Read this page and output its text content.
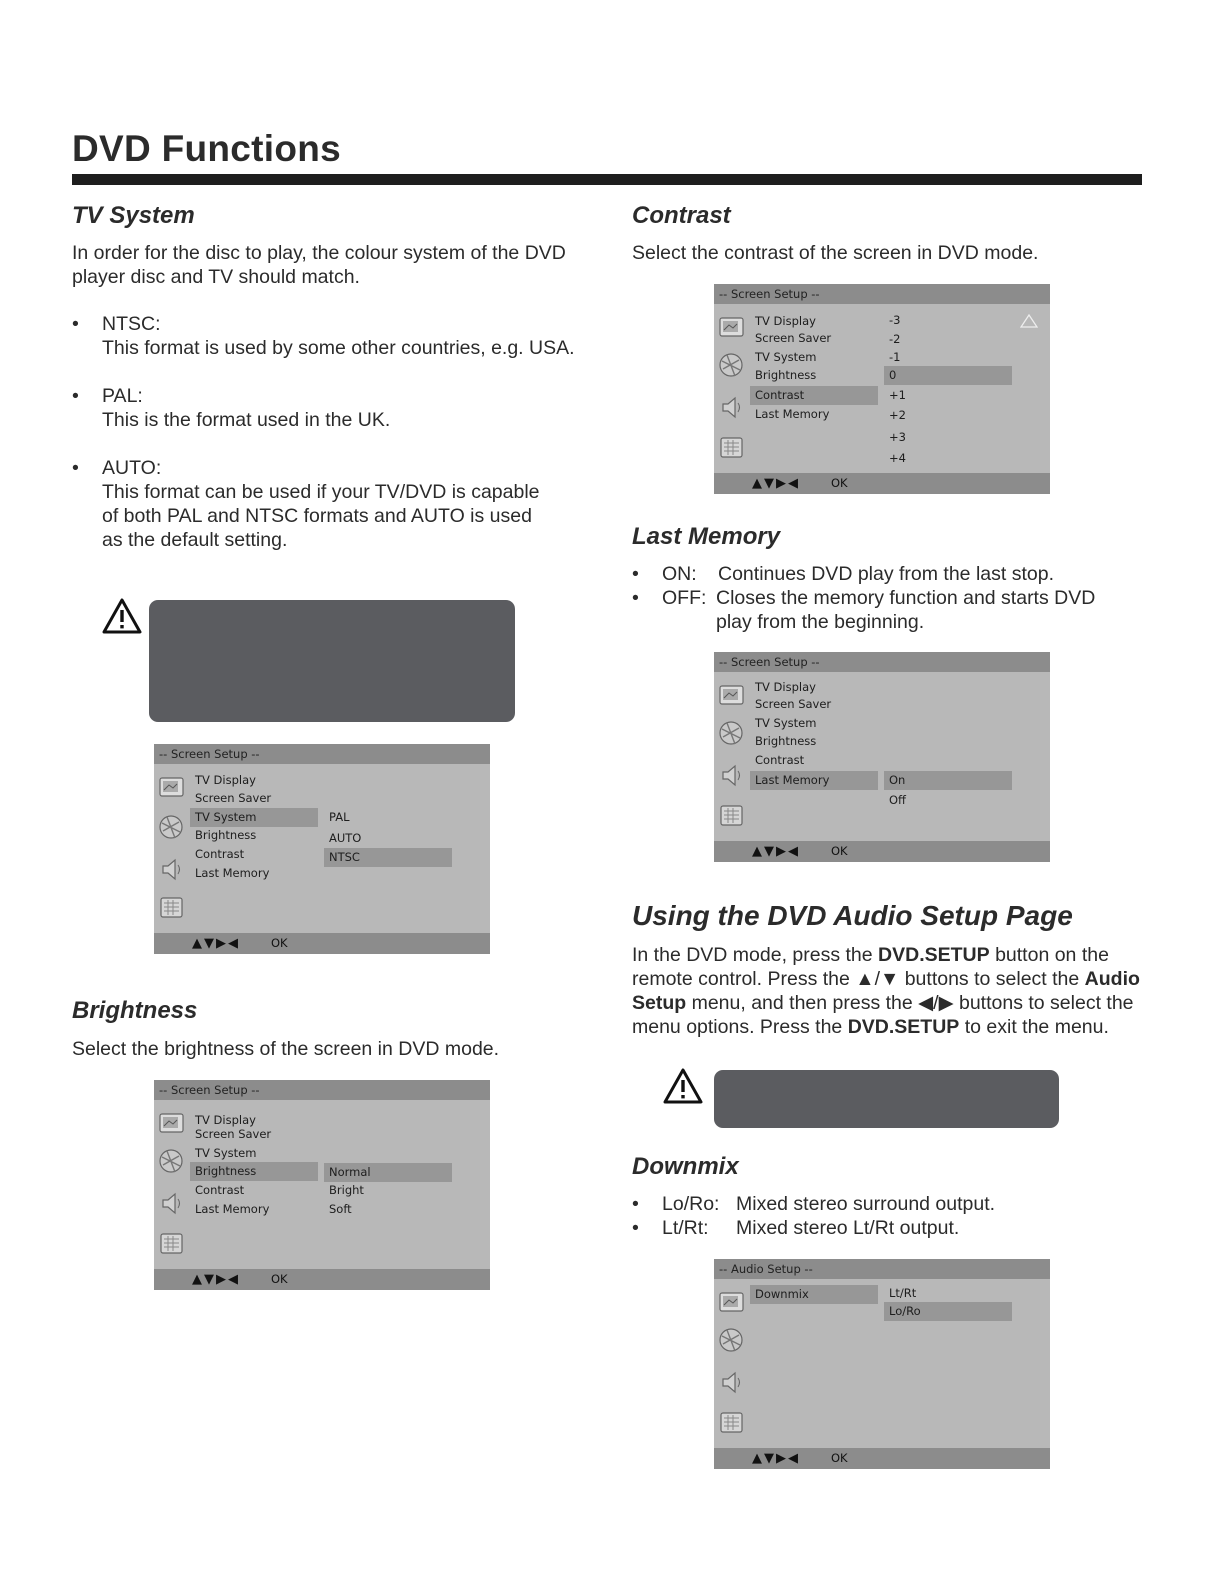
DVD Functions
TV System

In order for the disc to play, the colour system of the DVD player disc and TV should match.

• NTSC:
This format is used by some other countries, e.g. USA.
• PAL:
This is the format used in the UK.
• AUTO:
This format can be used if your TV/DVD is capable of both PAL and NTSC formats and AUTO is used as the default setting.
-- Screen Setup --
TV Display
Screen Saver
TV System
Brightness
Contrast
Last Memory
PAL
AUTO
NTSC
▲▼▶◀	OK
Brightness

Select the brightness of the screen in DVD mode.

-- Screen Setup --
TV Display
Screen Saver
TV System
Brightness
Contrast
Last Memory
Normal
Bright
Soft
▲▼▶◀	OK
Contrast

Select the contrast of the screen in DVD mode.

-- Screen Setup --
TV Display
Screen Saver
TV System
Brightness
Contrast
Last Memory
-3
-2
-1
0
+1
+2
+3
+4
▲▼▶◀	OK
Last Memory
• ON: Continues DVD play from the last stop.
• OFF: Closes the memory function and starts DVD play from the beginning.
-- Screen Setup --
TV Display
Screen Saver
TV System
Brightness
Contrast
Last Memory	On
Off
▲▼▶◀	OK
Using the DVD Audio Setup Page

In the DVD mode, press the DVD.SETUP button on the remote control. Press the ▲/▼ buttons to select the Audio Setup menu, and then press the ◀/▶ buttons to select the menu options. Press the DVD.SETUP to exit the menu.

Downmix
• Lo/Ro: Mixed stereo surround output.
• Lt/Rt: Mixed stereo Lt/Rt output.
-- Audio Setup --
Downmix	Lt/Rt
Lo/Ro
▲▼▶◀	OK
